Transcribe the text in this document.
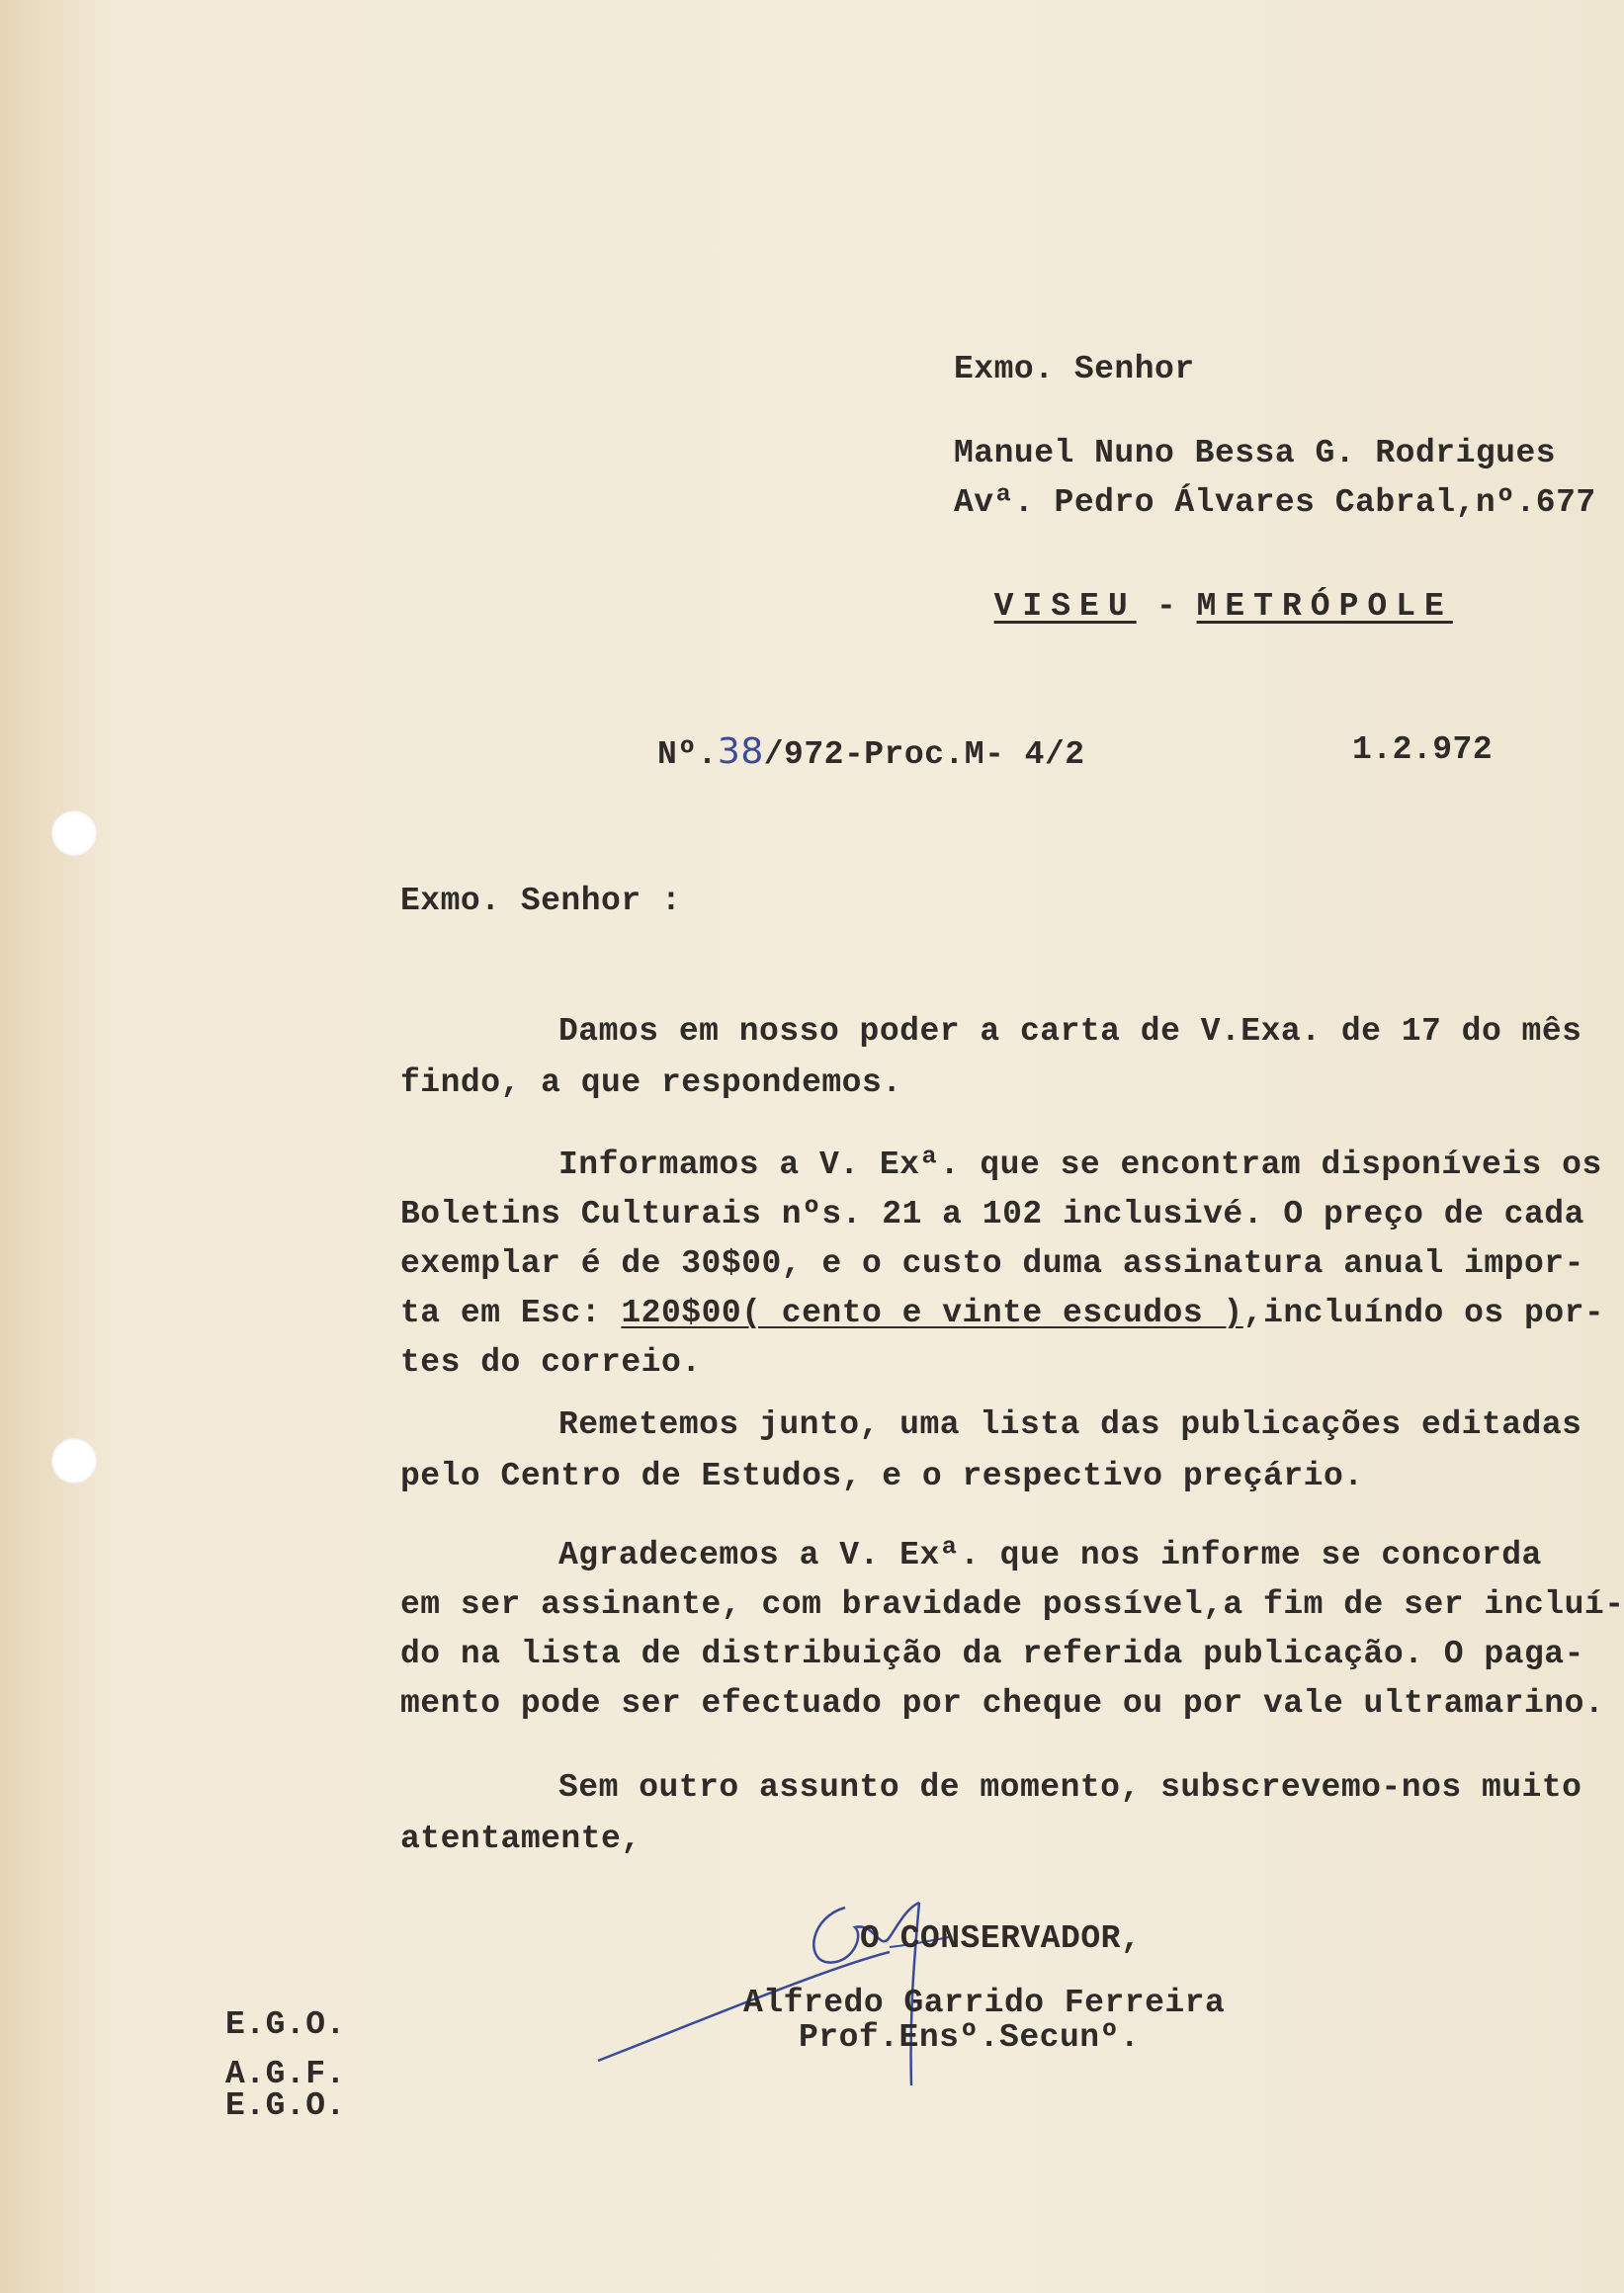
Exmo. Senhor
Manuel Nuno Bessa G. Rodrigues
Avª. Pedro Álvares Cabral,nº.677

VISEU - METRÓPOLE

Nº.38/972-Proc.M- 4/2	1.2.972
Exmo. Senhor :
Damos em nosso poder a carta de V.Exa. de 17 do mês
findo, a que respondemos.
Informamos a V. Exª. que se encontram disponíveis os
Boletins Culturais nºs. 21 a 102 inclusivé. O preço de cada
exemplar é de 30$00, e o custo duma assinatura anual impor-
ta em Esc: 120$00( cento e vinte escudos ),incluíndo os por-
tes do correio.
Remetemos junto, uma lista das publicações editadas
pelo Centro de Estudos, e o respectivo preçário.
Agradecemos a V. Exª. que nos informe se concorda
em ser assinante, com bravidade possível,a fim de ser incluí-
do na lista de distribuição da referida publicação. O paga-
mento pode ser efectuado por cheque ou por vale ultramarino.
Sem outro assunto de momento, subscrevemo-nos muito
atentamente,
O CONSERVADOR,
Alfredo Garrido Ferreira
Prof.Ensº.Secunº.
E.G.O.
A.G.F.
E.G.O.
